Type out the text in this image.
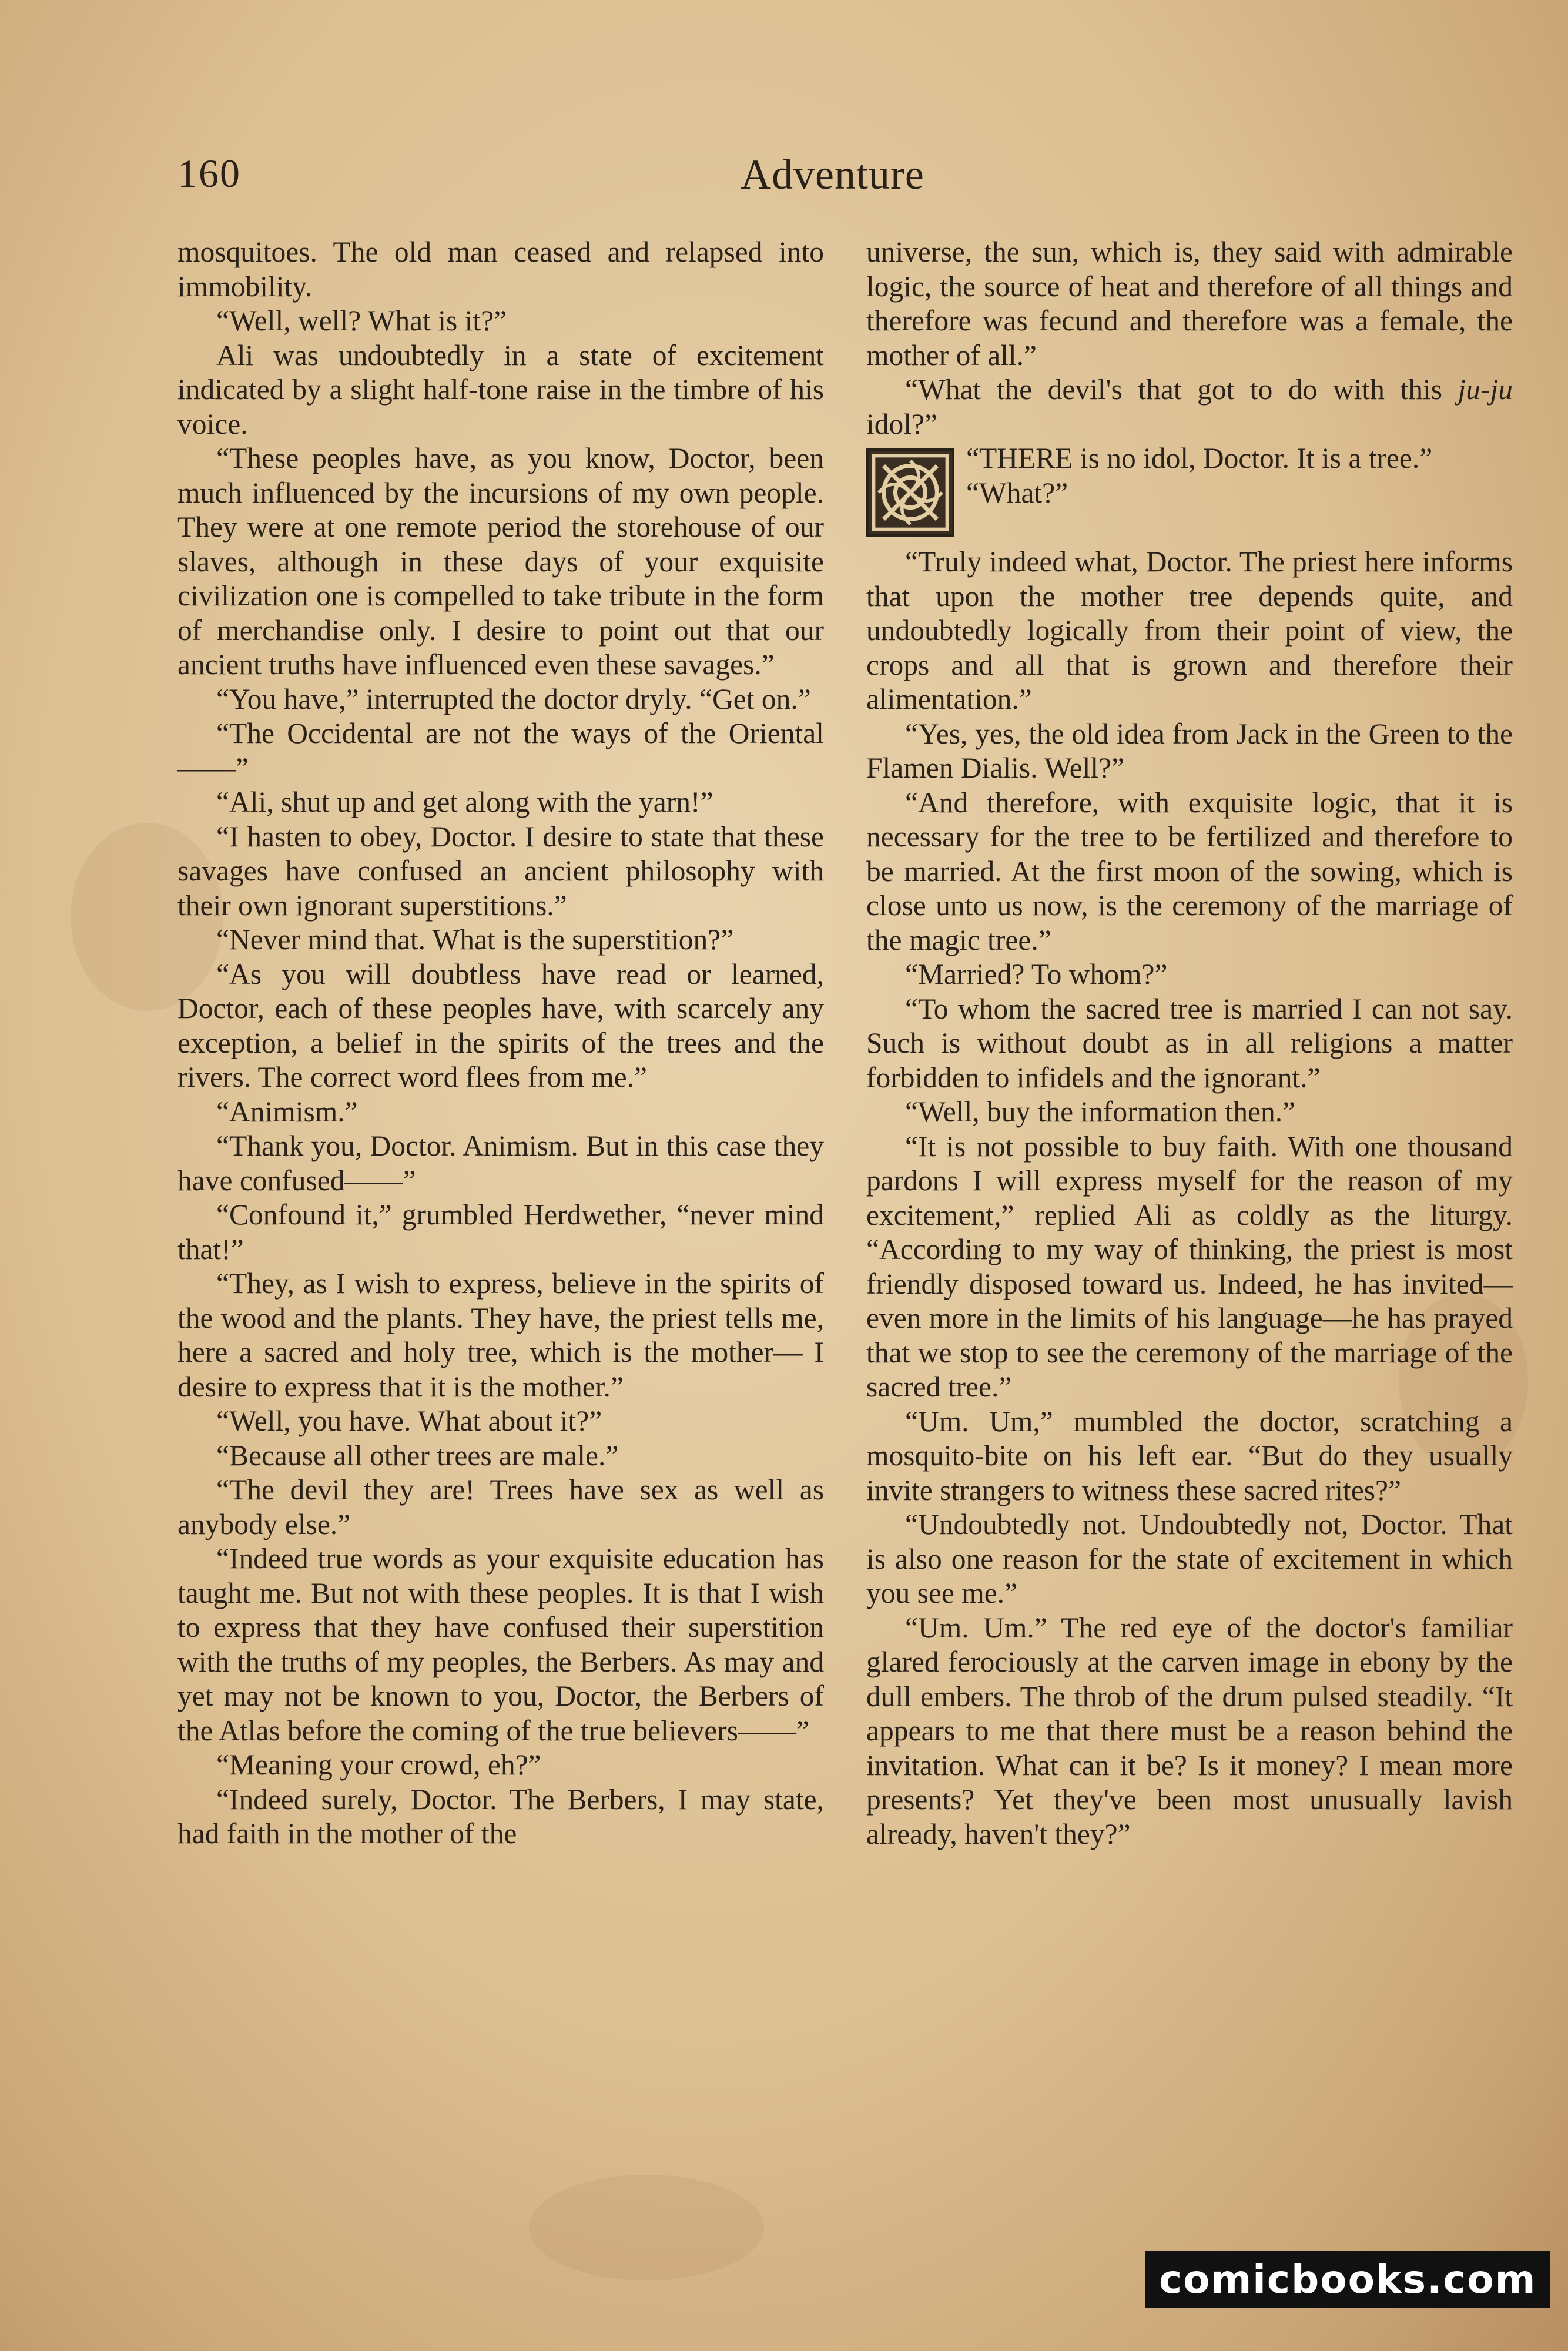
160	Adventure

mosquitoes. The old man ceased and relapsed into immobility.

“Well, well? What is it?”

Ali was undoubtedly in a state of excitement indicated by a slight half-tone raise in the timbre of his voice.

“These peoples have, as you know, Doctor, been much influenced by the incursions of my own people. They were at one remote period the storehouse of our slaves, although in these days of your exquisite civilization one is compelled to take tribute in the form of merchandise only. I desire to point out that our ancient truths have influenced even these savages.”

“You have,” interrupted the doctor dryly. “Get on.”

“The Occidental are not the ways of the Oriental——”

“Ali, shut up and get along with the yarn!”

“I hasten to obey, Doctor. I desire to state that these savages have confused an ancient philosophy with their own ignorant superstitions.”

“Never mind that. What is the superstition?”

“As you will doubtless have read or learned, Doctor, each of these peoples have, with scarcely any exception, a belief in the spirits of the trees and the rivers. The correct word flees from me.”

“Animism.”

“Thank you, Doctor. Animism. But in this case they have confused——”

“Confound it,” grumbled Herdwether, “never mind that!”

“They, as I wish to express, believe in the spirits of the wood and the plants. They have, the priest tells me, here a sacred and holy tree, which is the mother— I desire to express that it is the mother.”

“Well, you have. What about it?”

“Because all other trees are male.”

“The devil they are! Trees have sex as well as anybody else.”

“Indeed true words as your exquisite education has taught me. But not with these peoples. It is that I wish to express that they have confused their superstition with the truths of my peoples, the Berbers. As may and yet may not be known to you, Doctor, the Berbers of the Atlas before the coming of the true believers——”

“Meaning your crowd, eh?”

“Indeed surely, Doctor. The Berbers, I may state, had faith in the mother of the

universe, the sun, which is, they said with admirable logic, the source of heat and therefore of all things and therefore was fecund and therefore was a female, the mother of all.”

“What the devil's that got to do with this ju-ju idol?”

“THERE is no idol, Doctor. It is a tree.”

“What?”

“Truly indeed what, Doctor. The priest here informs that upon the mother tree depends quite, and undoubtedly logically from their point of view, the crops and all that is grown and therefore their alimentation.”

“Yes, yes, the old idea from Jack in the Green to the Flamen Dialis. Well?”

“And therefore, with exquisite logic, that it is necessary for the tree to be fertilized and therefore to be married. At the first moon of the sowing, which is close unto us now, is the ceremony of the marriage of the magic tree.”

“Married? To whom?”

“To whom the sacred tree is married I can not say. Such is without doubt as in all religions a matter forbidden to infidels and the ignorant.”

“Well, buy the information then.”

“It is not possible to buy faith. With one thousand pardons I will express myself for the reason of my excitement,” replied Ali as coldly as the liturgy. “According to my way of thinking, the priest is most friendly disposed toward us. Indeed, he has invited—even more in the limits of his language—he has prayed that we stop to see the ceremony of the marriage of the sacred tree.”

“Um. Um,” mumbled the doctor, scratching a mosquito-bite on his left ear. “But do they usually invite strangers to witness these sacred rites?”

“Undoubtedly not. Undoubtedly not, Doctor. That is also one reason for the state of excitement in which you see me.”

“Um. Um.” The red eye of the doctor's familiar glared ferociously at the carven image in ebony by the dull embers. The throb of the drum pulsed steadily. “It appears to me that there must be a reason behind the invitation. What can it be? Is it money? I mean more presents? Yet they've been most unusually lavish already, haven't they?”

comicbooks.com
